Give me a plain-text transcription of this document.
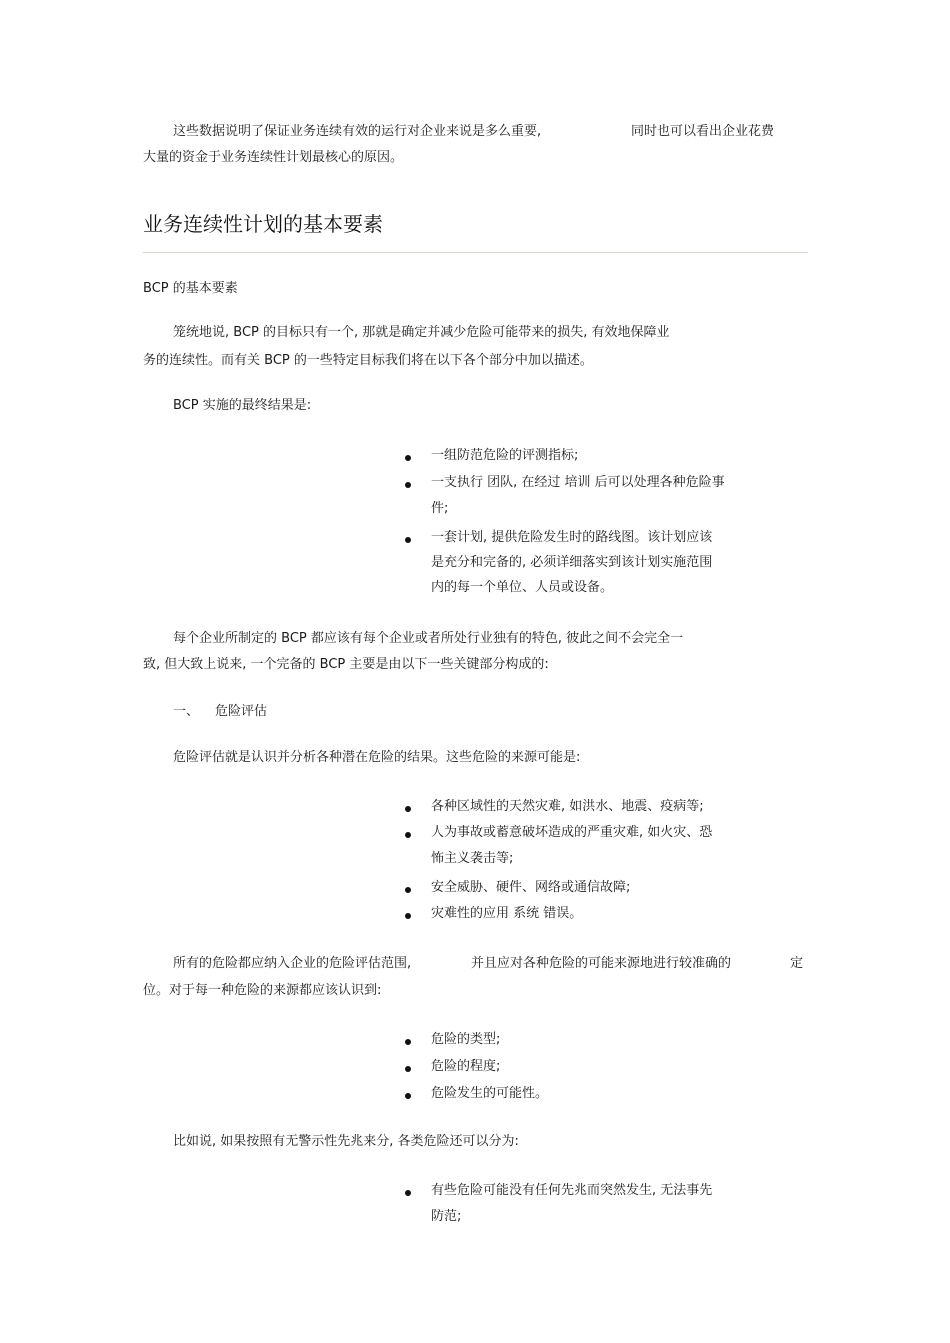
这些数据说明了保证业务连续有效的运行对企业来说是多么重要,	同时也可以看出企业花费
大量的资金于业务连续性计划最核心的原因。
业务连续性计划的基本要素
BCP 的基本要素
笼统地说, BCP 的目标只有一个, 那就是确定并减少危险可能带来的损失, 有效地保障业
务的连续性。而有关 BCP 的一些特定目标我们将在以下各个部分中加以描述。
BCP 实施的最终结果是:
一组防范危险的评测指标;
一支执行 团队, 在经过 培训 后可以处理各种危险事
件;
一套计划, 提供危险发生时的路线图。该计划应该
是充分和完备的, 必须详细落实到该计划实施范围
内的每一个单位、人员或设备。
每个企业所制定的 BCP 都应该有每个企业或者所处行业独有的特色, 彼此之间不会完全一
致, 但大致上说来, 一个完备的 BCP 主要是由以下一些关键部分构成的:
一、 危险评估
危险评估就是认识并分析各种潜在危险的结果。这些危险的来源可能是:
各种区域性的天然灾难, 如洪水、地震、疫病等;
人为事故或蓄意破坏造成的严重灾难, 如火灾、恐
怖主义袭击等;
安全威胁、硬件、网络或通信故障;
灾难性的应用 系统 错误。
所有的危险都应纳入企业的危险评估范围,	并且应对各种危险的可能来源地进行较准确的	定
位。对于每一种危险的来源都应该认识到:
危险的类型;
危险的程度;
危险发生的可能性。
比如说, 如果按照有无警示性先兆来分, 各类危险还可以分为:
有些危险可能没有任何先兆而突然发生, 无法事先
防范;
